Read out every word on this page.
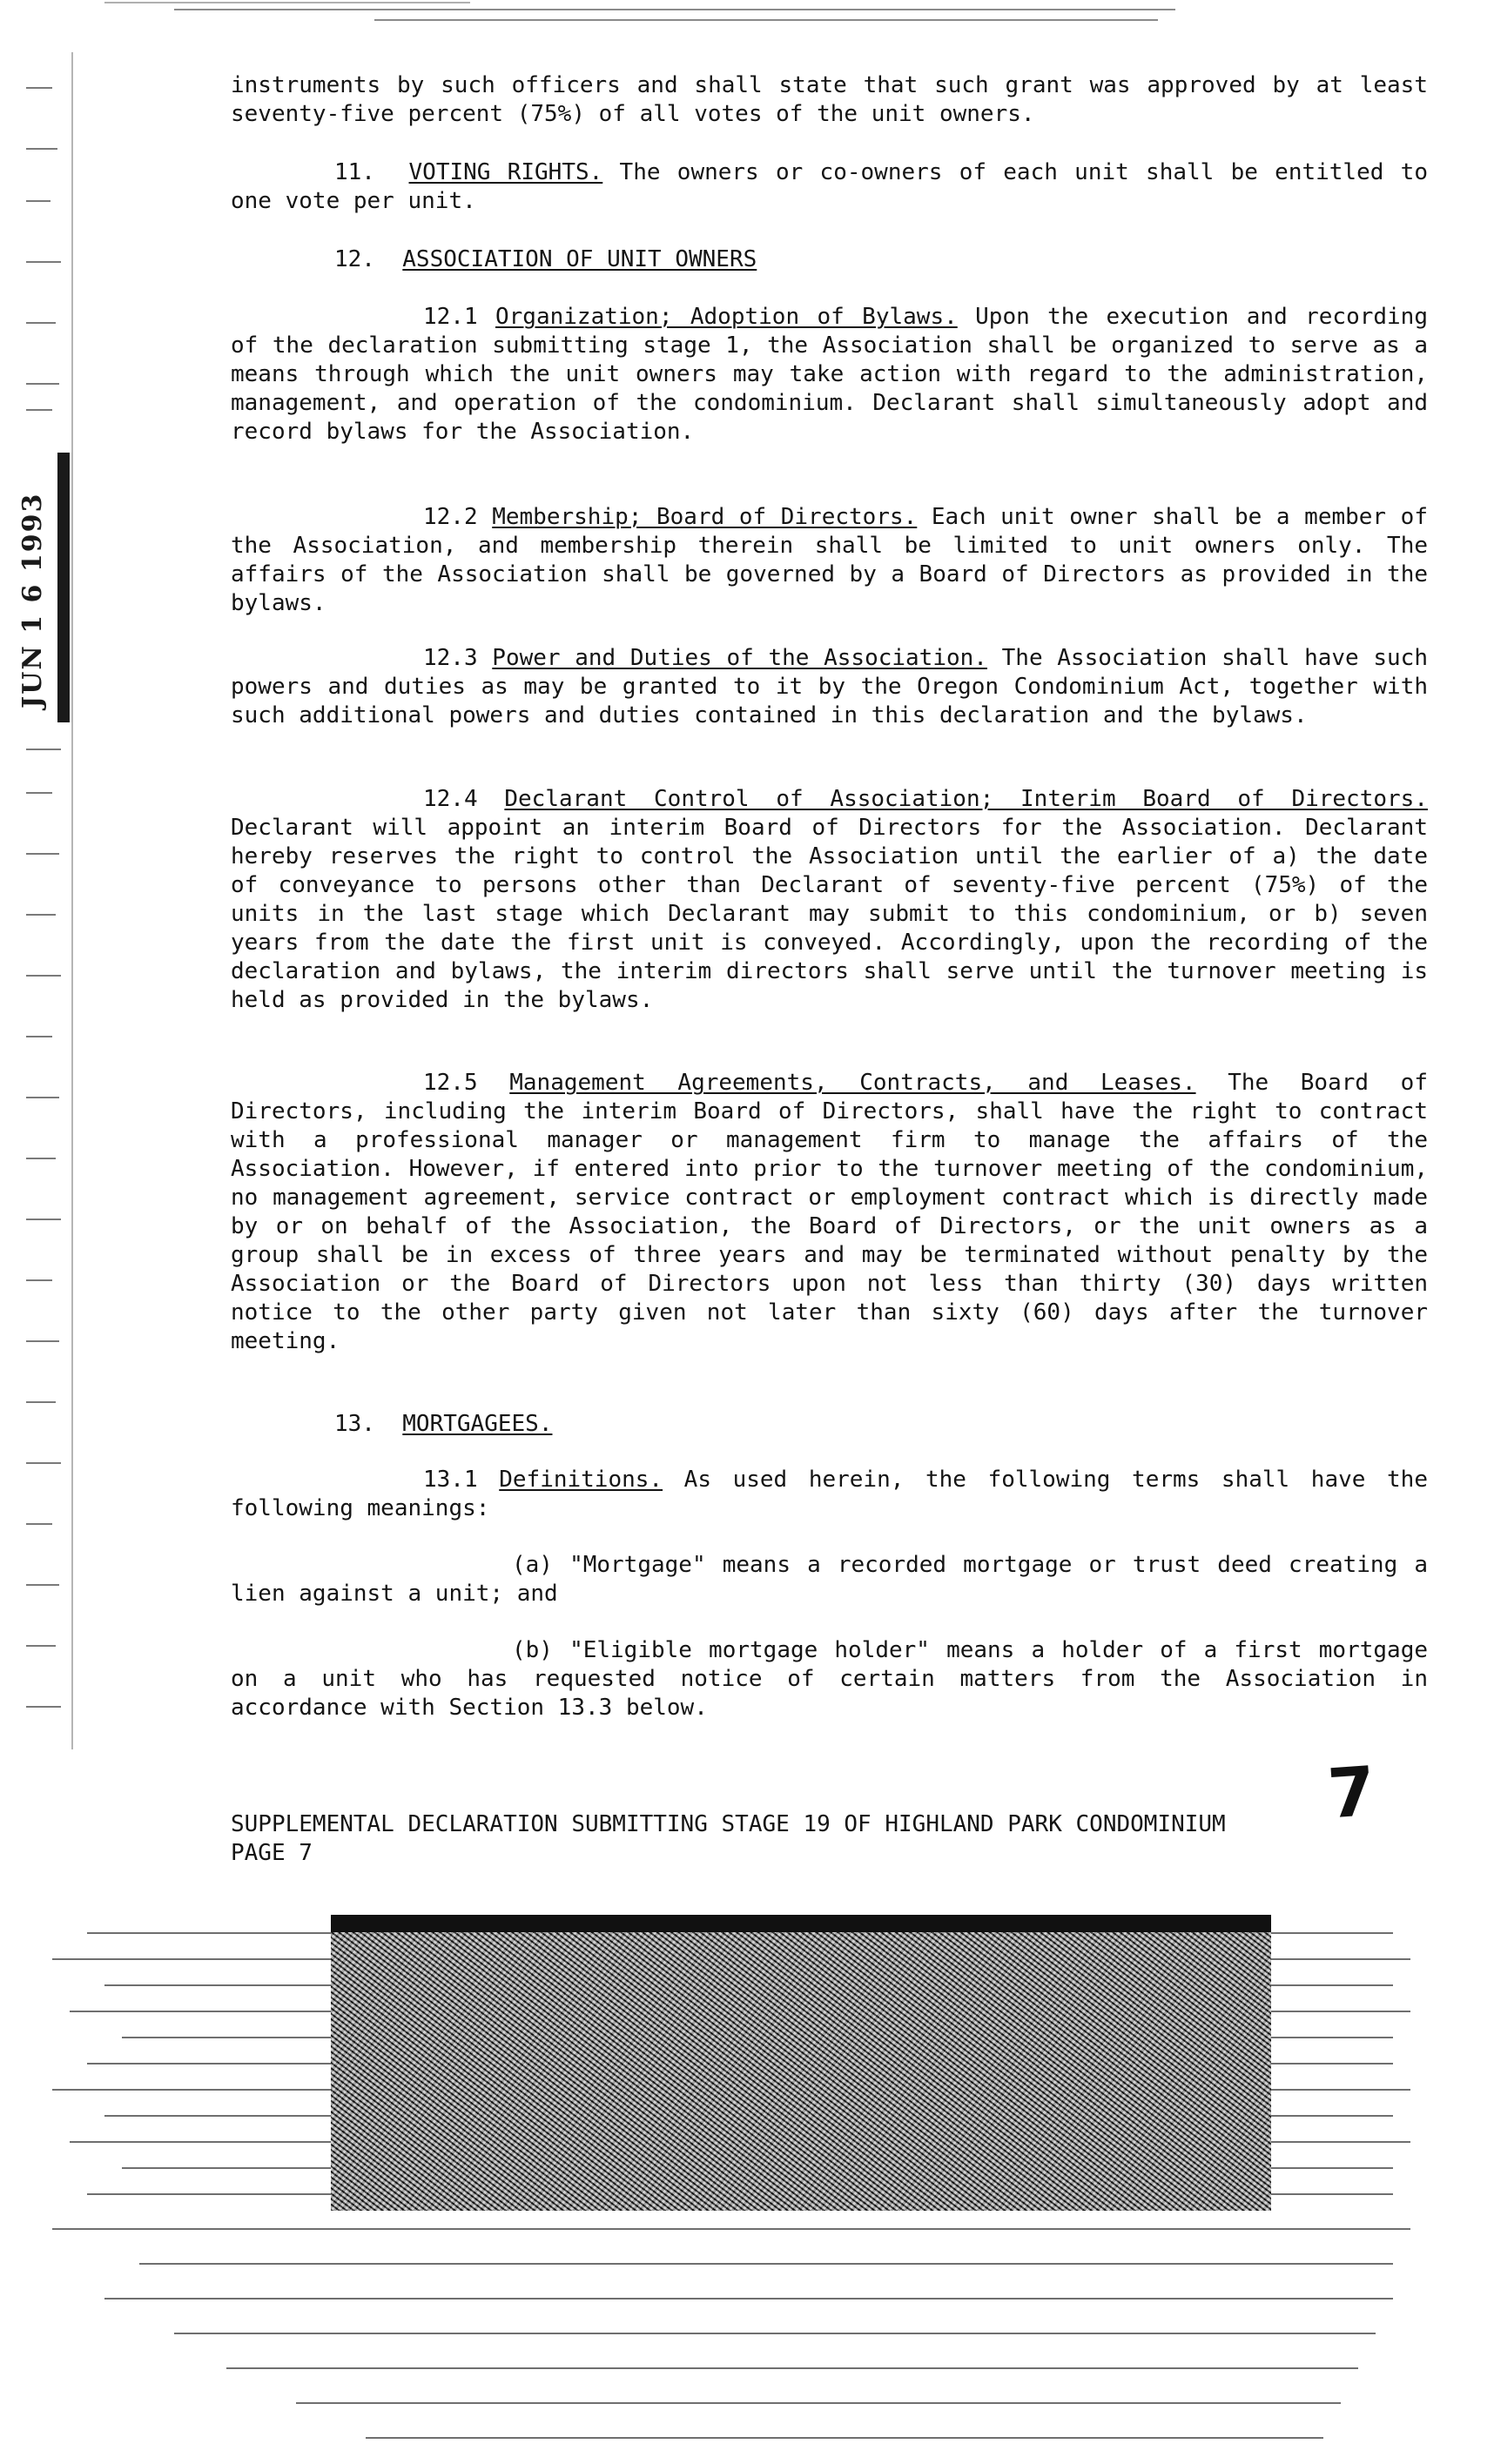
JUN 1 6 1993

instruments by such officers and shall state that such grant was approved by at least seventy-five percent (75%) of all votes of the unit owners.

11. VOTING RIGHTS. The owners or co-owners of each unit shall be entitled to one vote per unit.

12. ASSOCIATION OF UNIT OWNERS

12.1 Organization; Adoption of Bylaws. Upon the execution and recording of the declaration submitting stage 1, the Association shall be organized to serve as a means through which the unit owners may take action with regard to the administration, management, and operation of the condominium. Declarant shall simultaneously adopt and record bylaws for the Association.

12.2 Membership; Board of Directors. Each unit owner shall be a member of the Association, and membership therein shall be limited to unit owners only. The affairs of the Association shall be governed by a Board of Directors as provided in the bylaws.

12.3 Power and Duties of the Association. The Association shall have such powers and duties as may be granted to it by the Oregon Condominium Act, together with such additional powers and duties contained in this declaration and the bylaws.

12.4 Declarant Control of Association; Interim Board of Directors. Declarant will appoint an interim Board of Directors for the Association. Declarant hereby reserves the right to control the Association until the earlier of a) the date of conveyance to persons other than Declarant of seventy-five percent (75%) of the units in the last stage which Declarant may submit to this condominium, or b) seven years from the date the first unit is conveyed. Accordingly, upon the recording of the declaration and bylaws, the interim directors shall serve until the turnover meeting is held as provided in the bylaws.

12.5 Management Agreements, Contracts, and Leases. The Board of Directors, including the interim Board of Directors, shall have the right to contract with a professional manager or management firm to manage the affairs of the Association. However, if entered into prior to the turnover meeting of the condominium, no management agreement, service contract or employment contract which is directly made by or on behalf of the Association, the Board of Directors, or the unit owners as a group shall be in excess of three years and may be terminated without penalty by the Association or the Board of Directors upon not less than thirty (30) days written notice to the other party given not later than sixty (60) days after the turnover meeting.

13. MORTGAGEES.

13.1 Definitions. As used herein, the following terms shall have the following meanings:

(a) "Mortgage" means a recorded mortgage or trust deed creating a lien against a unit; and

(b) "Eligible mortgage holder" means a holder of a first mortgage on a unit who has requested notice of certain matters from the Association in accordance with Section 13.3 below.

SUPPLEMENTAL DECLARATION SUBMITTING STAGE 19 OF HIGHLAND PARK CONDOMINIUM
PAGE 7
7
